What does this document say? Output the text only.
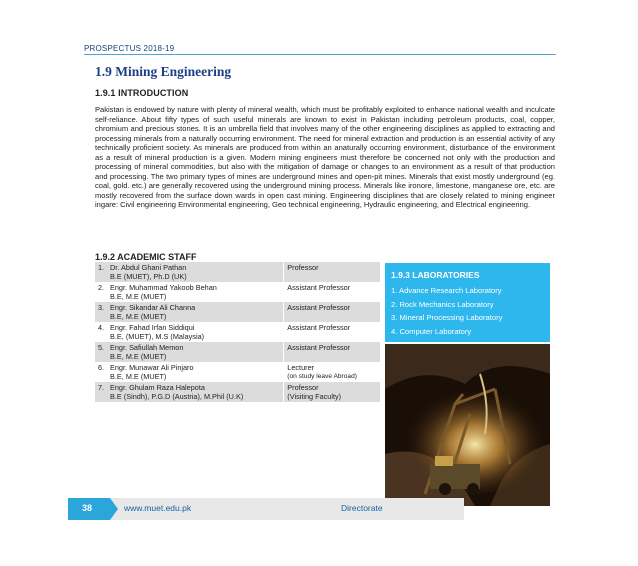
PROSPECTUS 2018-19
1.9 Mining Engineering
1.9.1 INTRODUCTION

Pakistan is endowed by nature with plenty of mineral wealth, which must be profitably exploited to enhance national wealth and inculcate self-reliance. About fifty types of such useful minerals are known to exist in Pakistan including petroleum products, coal, copper, chromium and precious stones. It is an umbrella field that involves many of the other engineering disciplines as applied to extracting and processing minerals from a naturally occurring environment. The need for mineral extraction and production is an essential activity of any technically proficient society. As minerals are produced from within an anaturally occurring environment, disturbance of the environment as a result of mineral production is a given. Modern mining engineers must therefore be concerned not only with the production and processing of mineral commodities, but also with the mitigation of damage or changes to an environment as a result of that production and processing. The two primary types of mines are underground mines and open-pit mines. Minerals that exist mostly underground (eg. coal, gold. etc.) are generally recovered using the underground mining process. Minerals like ironore, limestone, manganese ore, etc. are mostly recovered from the surface down wards in open cast mining. Engineering disciplines that are closely related to mining engineer ingare: Civil engineering Environmental engineering, Geo technical engineering, Hydraulic engineering, and Electrical engineering.

1.9.2 ACADEMIC STAFF
1. Dr. Abdul Ghani Pathan
B.E (MUET), Ph.D (UK)	Professor
2. Engr. Muhammad Yakoob Behan
B.E, M.E (MUET)	Assistant Professor
3. Engr. Sikandar Ali Channa
B.E, M.E (MUET)	Assistant Professor
4. Engr. Fahad Irfan Siddiqui
B.E, (MUET), M.S (Malaysia)	Assistant Professor
5. Engr. Safiullah Memon
B.E, M.E (MUET)	Assistant Professor
6. Engr. Munawar Ali Pinjaro
B.E, M.E (MUET)	Lecturer
(on study leave Abroad)

7. Engr. Ghulam Raza Halepota
B.E (Sindh), P.G.D (Austria), M.Phil (U.K)	Professor
(Visiting Faculty)
1.9.3 LABORATORIES
1. Advance Research Laboratory
2. Rock Mechanics Laboratory
3. Mineral Processing Laboratory
4. Computer Laboratory
38	www.muet.edu.pk	Directorate
